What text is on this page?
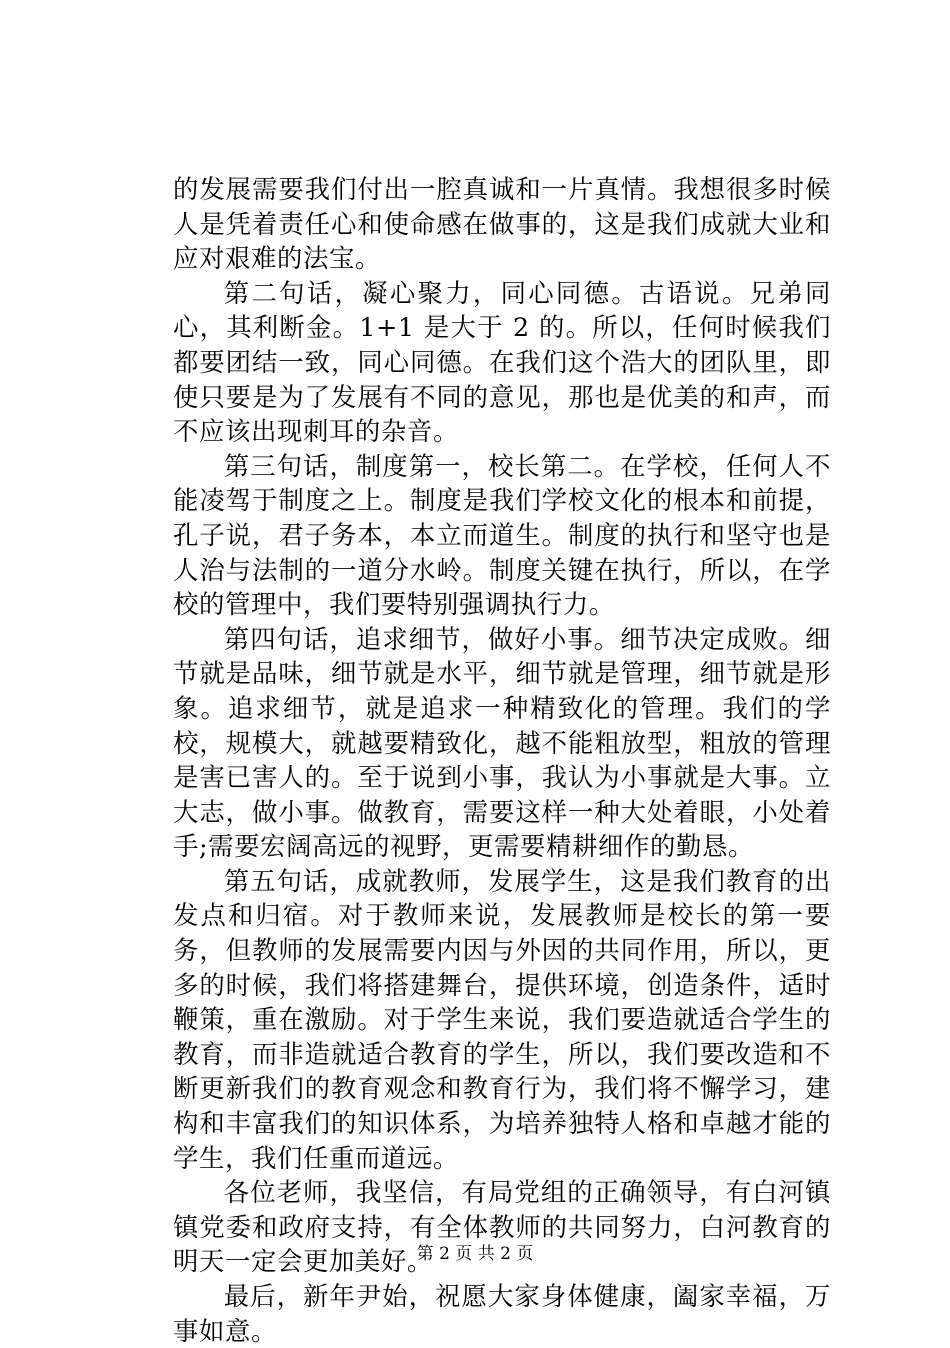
的发展需要我们付出一腔真诚和一片真情。我想很多时候人是凭着责任心和使命感在做事的，这是我们成就大业和应对艰难的法宝。

第二句话，凝心聚力，同心同德。古语说。兄弟同心，其利断金。1+1 是大于 2 的。所以，任何时候我们都要团结一致，同心同德。在我们这个浩大的团队里，即使只要是为了发展有不同的意见，那也是优美的和声，而不应该出现刺耳的杂音。

第三句话，制度第一，校长第二。在学校，任何人不能凌驾于制度之上。制度是我们学校文化的根本和前提，孔子说，君子务本，本立而道生。制度的执行和坚守也是人治与法制的一道分水岭。制度关键在执行，所以，在学校的管理中，我们要特别强调执行力。

第四句话，追求细节，做好小事。细节决定成败。细节就是品味，细节就是水平，细节就是管理，细节就是形象。追求细节，就是追求一种精致化的管理。我们的学校，规模大，就越要精致化，越不能粗放型，粗放的管理是害已害人的。至于说到小事，我认为小事就是大事。立大志，做小事。做教育，需要这样一种大处着眼，小处着手;需要宏阔高远的视野，更需要精耕细作的勤恳。

第五句话，成就教师，发展学生，这是我们教育的出发点和归宿。对于教师来说，发展教师是校长的第一要务，但教师的发展需要内因与外因的共同作用，所以，更多的时候，我们将搭建舞台，提供环境，创造条件，适时鞭策，重在激励。对于学生来说，我们要造就适合学生的教育，而非造就适合教育的学生，所以，我们要改造和不断更新我们的教育观念和教育行为，我们将不懈学习，建构和丰富我们的知识体系，为培养独特人格和卓越才能的学生，我们任重而道远。

各位老师，我坚信，有局党组的正确领导，有白河镇镇党委和政府支持，有全体教师的共同努力，白河教育的明天一定会更加美好。

最后，新年尹始，祝愿大家身体健康，阖家幸福，万事如意。

第 2 页 共 2 页
